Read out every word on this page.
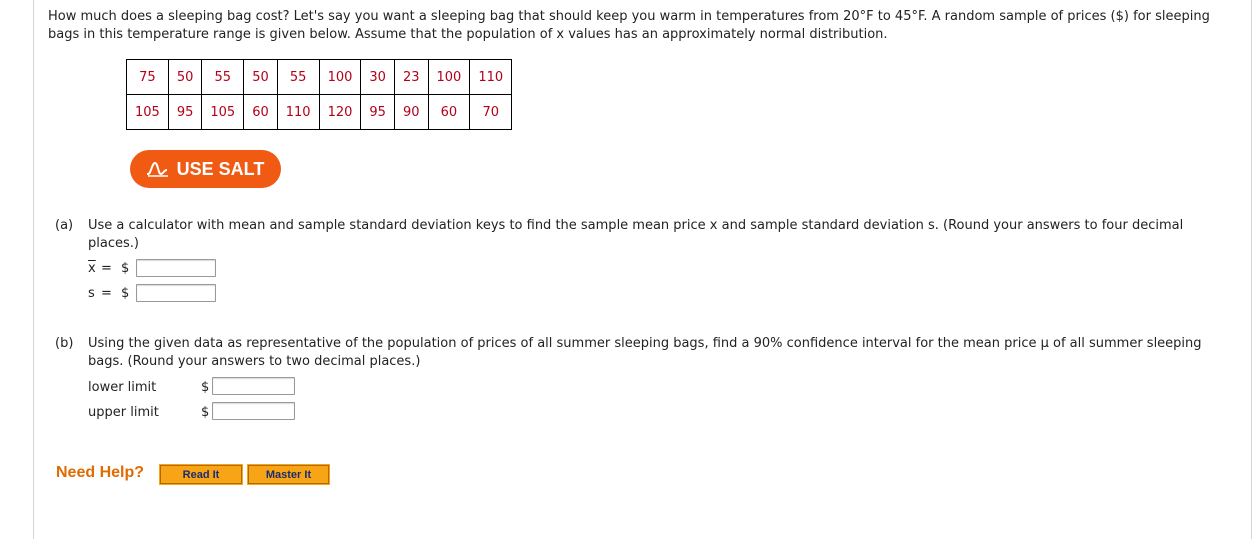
How much does a sleeping bag cost? Let's say you want a sleeping bag that should keep you warm in temperatures from 20°F to 45°F. A random sample of prices ($) for sleeping
bags in this temperature range is given below. Assume that the population of x values has an approximately normal distribution.
75	50	55	50	55	100	30	23	100	110
105	95	105	60	110	120	95	90	60	70
USE SALT
(a) Use a calculator with mean and sample standard deviation keys to find the sample mean price x and sample standard deviation s. (Round your answers to four decimal
places.)
$\overline{x}$ = $
s = $
(b) Using the given data as representative of the population of prices of all summer sleeping bags, find a 90% confidence interval for the mean price μ of all summer sleeping
bags. (Round your answers to two decimal places.)
lower limit	$
upper limit	$
Need Help?	Read It	Master It
